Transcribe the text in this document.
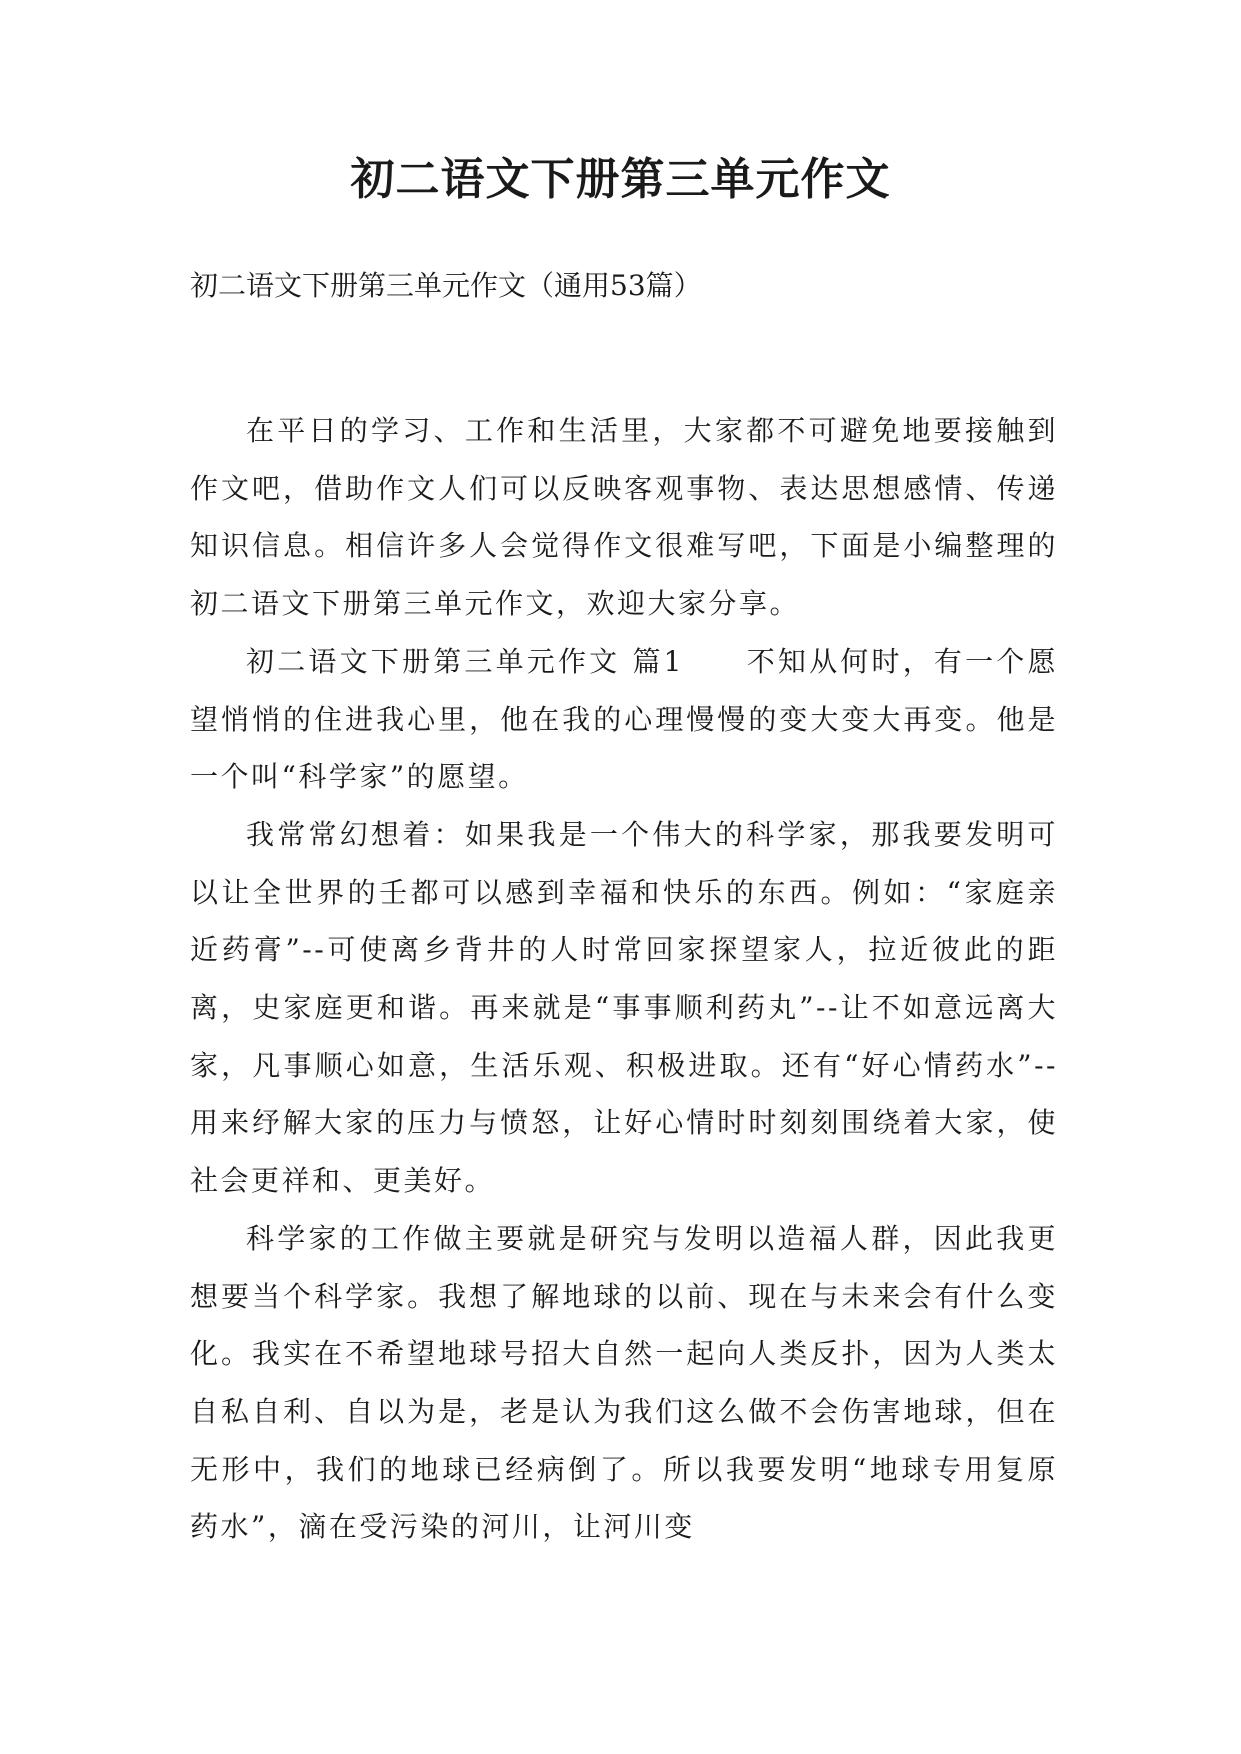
初二语文下册第三单元作文

初二语文下册第三单元作文（通用53篇）

在平日的学习、工作和生活里，大家都不可避免地要接触到作文吧，借助作文人们可以反映客观事物、表达思想感情、传递知识信息。相信许多人会觉得作文很难写吧，下面是小编整理的初二语文下册第三单元作文，欢迎大家分享。

初二语文下册第三单元作文 篇1 不知从何时，有一个愿望悄悄的住进我心里，他在我的心理慢慢的变大变大再变。他是一个叫“科学家”的愿望。

我常常幻想着：如果我是一个伟大的科学家，那我要发明可以让全世界的壬都可以感到幸福和快乐的东西。例如：“家庭亲近药膏”--可使离乡背井的人时常回家探望家人，拉近彼此的距离，史家庭更和谐。再来就是“事事顺利药丸”--让不如意远离大家，凡事顺心如意，生活乐观、积极进取。还有“好心情药水”--用来纾解大家的压力与愤怒，让好心情时时刻刻围绕着大家，使社会更祥和、更美好。

科学家的工作做主要就是研究与发明以造福人群，因此我更想要当个科学家。我想了解地球的以前、现在与未来会有什么变化。我实在不希望地球号招大自然一起向人类反扑，因为人类太自私自利、自以为是，老是认为我们这么做不会伤害地球，但在无形中，我们的地球已经病倒了。所以我要发明“地球专用复原药水”，滴在受污染的河川，让河川变
